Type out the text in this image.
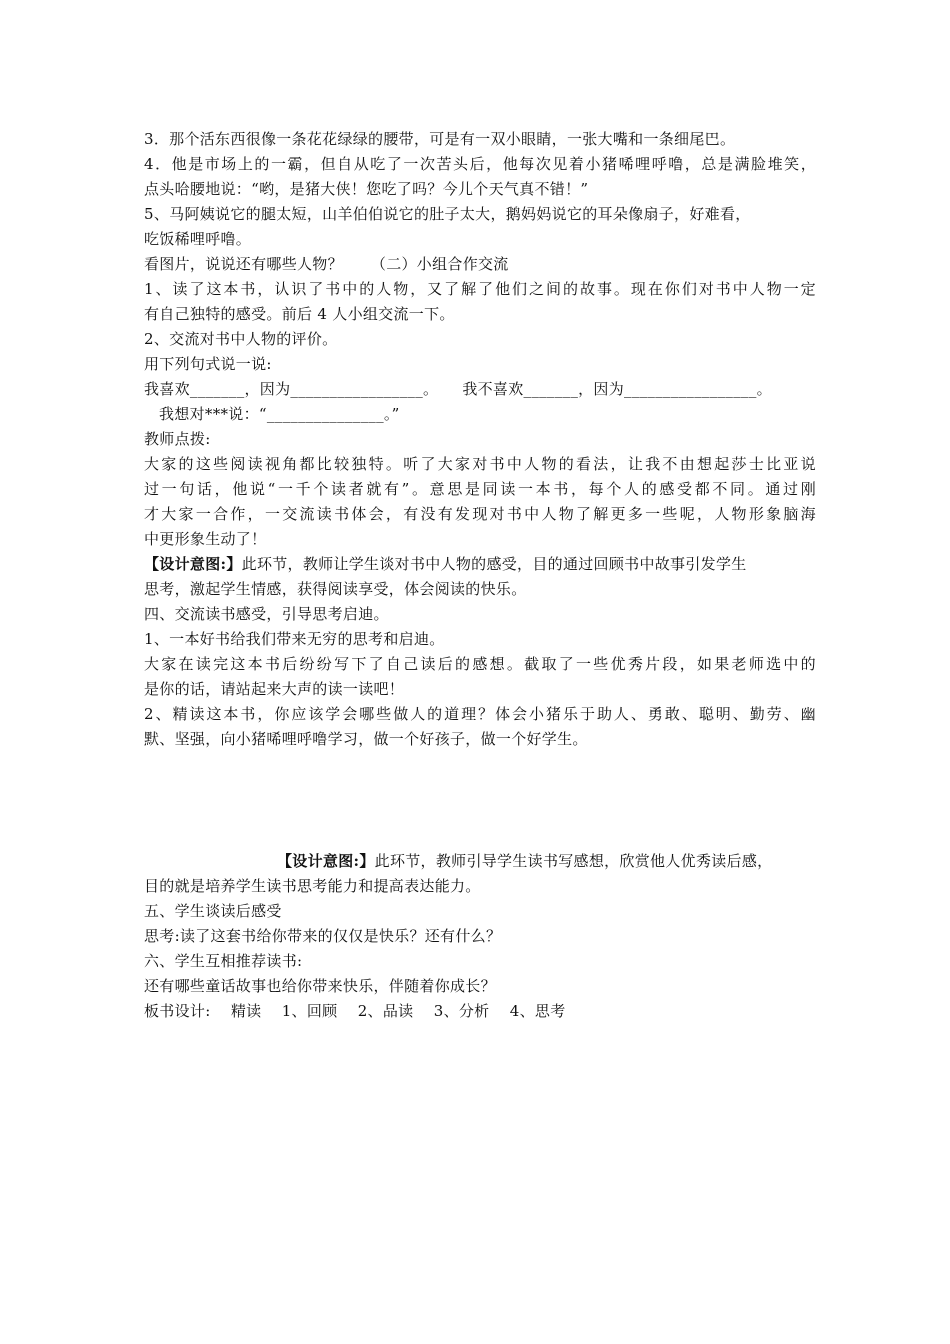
3．那个活东西很像一条花花绿绿的腰带，可是有一双小眼睛，一张大嘴和一条细尾巴。
4．他是市场上的一霸，但自从吃了一次苦头后，他每次见着小猪唏哩呼噜，总是满脸堆笑，
点头哈腰地说：“哟，是猪大侠！您吃了吗？今儿个天气真不错！”
5、马阿姨说它的腿太短，山羊伯伯说它的肚子太大，鹅妈妈说它的耳朵像扇子，好难看，
吃饭稀哩呼噜。
看图片，说说还有哪些人物？ （二）小组合作交流
1、读了这本书，认识了书中的人物，又了解了他们之间的故事。现在你们对书中人物一定
有自己独特的感受。前后 4 人小组交流一下。
2、交流对书中人物的评价。
用下列句式说一说:
我喜欢_______，因为_________________。 我不喜欢_______，因为_________________。
我想对***说：“_______________。”
教师点拨:
大家的这些阅读视角都比较独特。听了大家对书中人物的看法，让我不由想起莎士比亚说
过一句话，他说“一千个读者就有”。意思是同读一本书，每个人的感受都不同。通过刚
才大家一合作，一交流读书体会，有没有发现对书中人物了解更多一些呢，人物形象脑海
中更形象生动了！
【设计意图:】此环节，教师让学生谈对书中人物的感受，目的通过回顾书中故事引发学生
思考，激起学生情感，获得阅读享受，体会阅读的快乐。
四、交流读书感受，引导思考启迪。
1、一本好书给我们带来无穷的思考和启迪。
大家在读完这本书后纷纷写下了自己读后的感想。截取了一些优秀片段，如果老师选中的
是你的话，请站起来大声的读一读吧！
2、精读这本书，你应该学会哪些做人的道理？体会小猪乐于助人、勇敢、聪明、勤劳、幽
默、坚强，向小猪唏哩呼噜学习，做一个好孩子，做一个好学生。
【设计意图:】此环节，教师引导学生读书写感想，欣赏他人优秀读后感，
目的就是培养学生读书思考能力和提高表达能力。
五、学生谈读后感受
思考:读了这套书给你带来的仅仅是快乐？还有什么？
六、学生互相推荐读书:
还有哪些童话故事也给你带来快乐，伴随着你成长？
板书设计:    精读    1、回顾    2、品读    3、分析    4、思考
